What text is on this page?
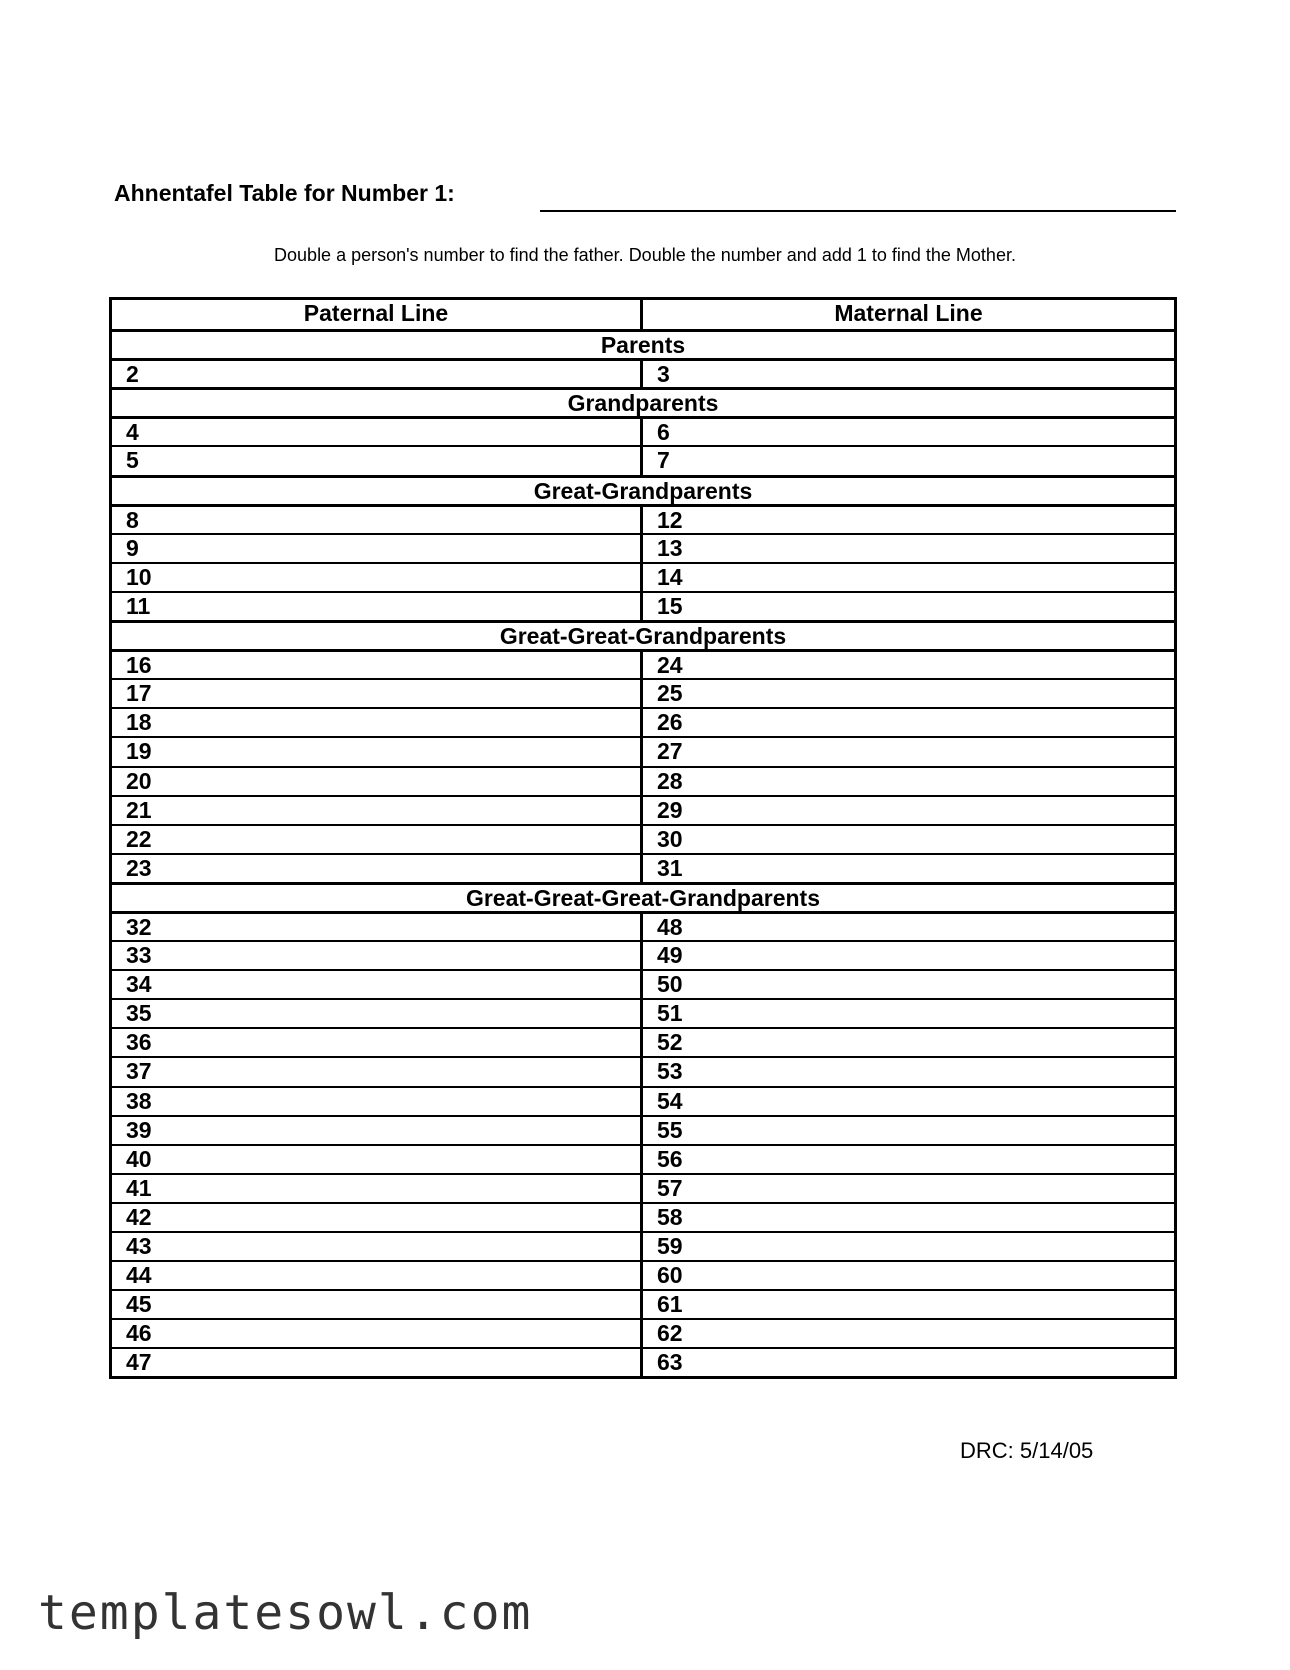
Ahnentafel Table for Number 1:
Double a person's number to find the father. Double the number and add 1 to find the Mother.
Paternal Line	Maternal Line
Parents
2	3
Grandparents
4	6
5	7
Great-Grandparents
8	12
9	13
10	14
11	15
Great-Great-Grandparents
16	24
17	25
18	26
19	27
20	28
21	29
22	30
23	31
Great-Great-Great-Grandparents
32	48
33	49
34	50
35	51
36	52
37	53
38	54
39	55
40	56
41	57
42	58
43	59
44	60
45	61
46	62
47	63
DRC: 5/14/05
templatesowl.com
